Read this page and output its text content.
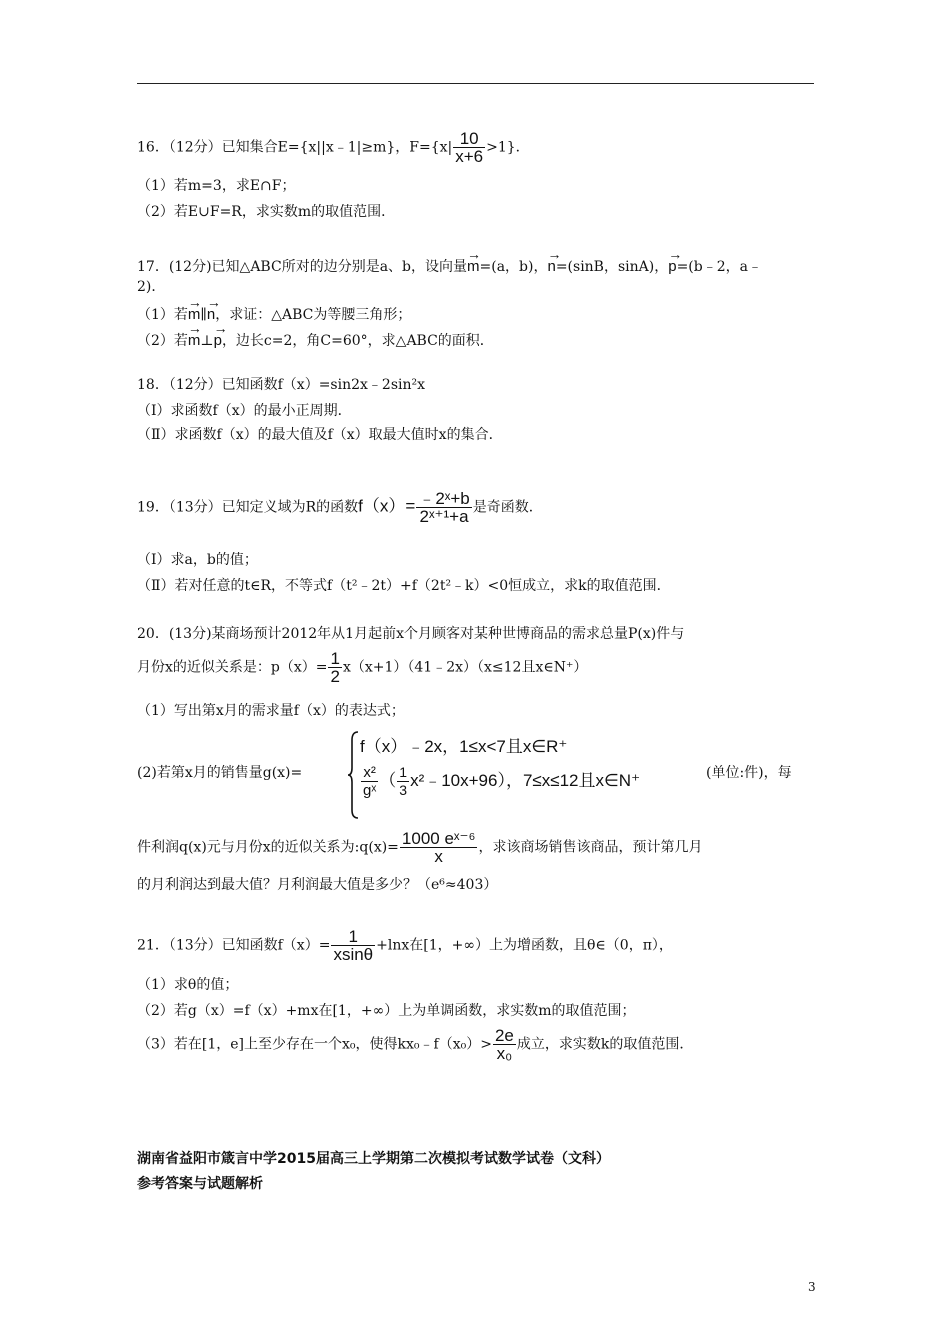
16．（12分）已知集合E={x||x﹣1|≥m}，$F=\{x| \frac{10}{x+6} >1\}$．
（1）若m=3，求E∩F；
（2）若E∪F=R，求实数m的取值范围．
17．(12分)已知△ABC所对的边分别是a、b，设向量→ m=(a，b)，→ n=(sinB，sinA)，→ p=(b﹣2，a﹣
2)．
（1）若→ m∥→ n，求证：△ABC为等腰三角形；
（2）若→ m⊥→ p，边长c=2，角C=60°，求△ABC的面积．
18．（12分）已知函数f（x）=sin2x﹣2sin²x
（Ⅰ）求函数f（x）的最小正周期．
（Ⅱ）求函数f（x）的最大值及f（x）取最大值时x的集合．
19．（13分）已知定义域为R的函数$f(x)= \frac{\text{﹣2ˣ+b}}{\text{2ˣ⁺¹+a}}$ 是奇函数．
（Ⅰ）求a，b的值；
（Ⅱ）若对任意的t∈R，不等式f（t²﹣2t）+f（2t²﹣k）<0恒成立，求k的取值范围．
20．(13分)某商场预计2012年从1月起前x个月顾客对某种世博商品的需求总量P(x)件与
月份x的近似关系是：$p(x)= \frac{1}{2}$ x（x+1）（41﹣2x）（x≤12且x∈N⁺）
（1）写出第x月的需求量f（x）的表达式；
(2)若第x月的销售量g(x)=
f（x）﹣2x，1≤x<7且x∈R⁺
$\frac{\text{x²}}{\text{gˣ}}$ （ $\frac{1}{3}$ x²﹣10x+96），7≤x≤12且x∈N⁺	(单位:件)，每
件利润q(x)元与月份x的近似关系为:q(x)= $\frac{\text{1000 eˣ⁻⁶}}{x}$ ，求该商场销售该商品，预计第几月
的月利润达到最大值？月利润最大值是多少？（e⁶≈403）
21．（13分）已知函数$f(x)= \frac{1}{xsin\theta} +\ln x$在[1，+∞）上为增函数，且θ∈（0，π），
（1）求θ的值；
（2）若g（x）=f（x）+mx在[1，+∞）上为单调函数，求实数m的取值范围；
（3）若在[1，e]上至少存在一个x₀，使得kx₀﹣f（x₀）> $\frac{2e}{\text{x₀}}$ 成立，求实数k的取值范围．
湖南省益阳市箴言中学2015届高三上学期第二次模拟考试数学试卷（文科）
参考答案与试题解析
3
